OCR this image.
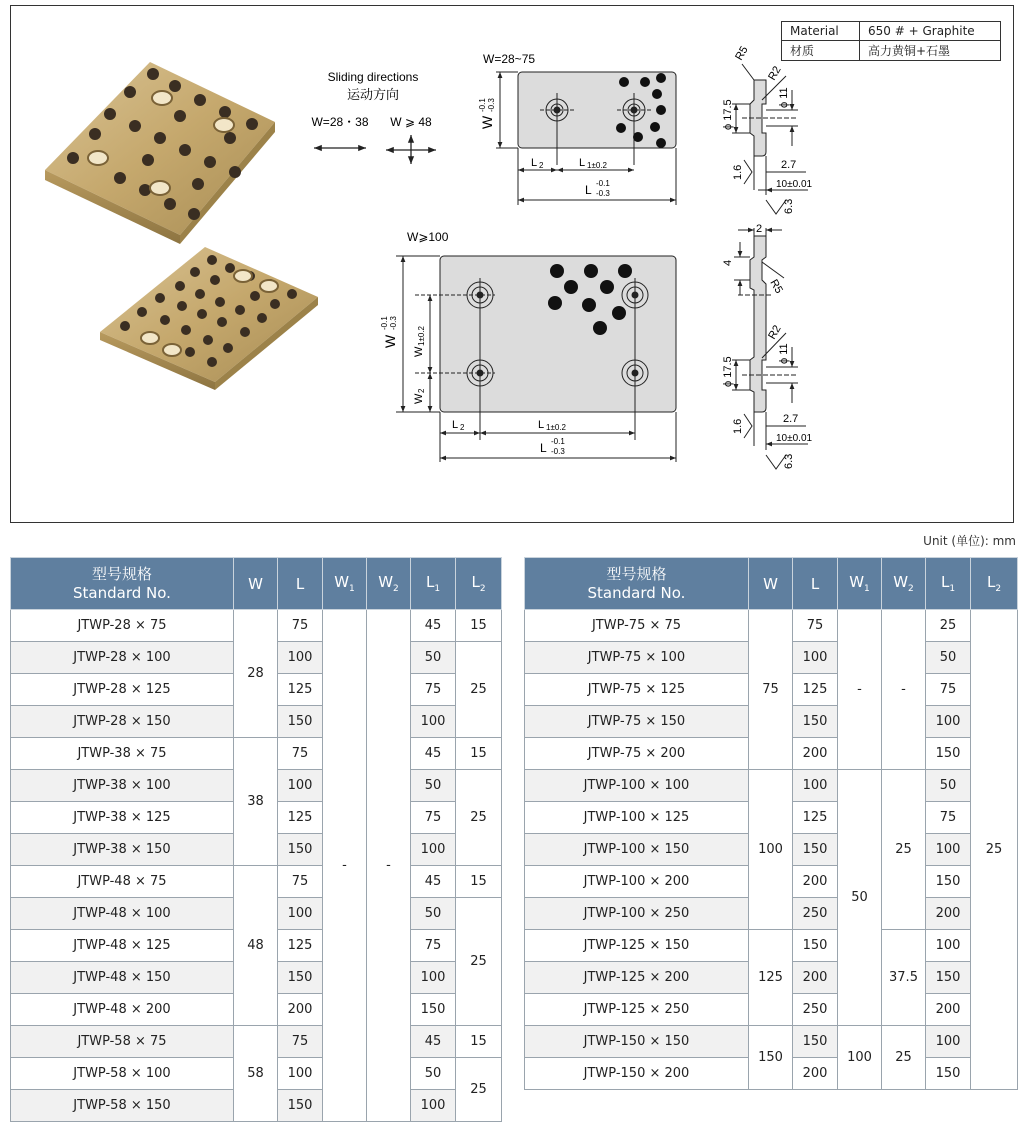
Material	650 # + Graphite
材质	高力黄铜+石墨
Sliding directions
运动方向
W=28・38 W ⩾ 48
W=28~75
W
-0.1 -0.3
L 2	L 1±0.2
L -0.1
-0.3
W⩾100
W
-0.1 -0.3
W
1±0.2
W
2
L 2	L 1±0.2
L -0.1
-0.3
R5
R2
ϕ 17.5
ϕ 11
2.7
10±0.01
1.6
6.3
2
4
R5
R2
ϕ 17.5
ϕ 11
2.7
10±0.01
1.6
6.3
Unit (单位): mm
型号规格
Standard No.	W	L	$W_1$	$W_2$	$L_1$	$L_2$
JTWP-28 × 75	28	75	-	-	45	15
JTWP-28 × 100		100			50	25
JTWP-28 × 125		125			75	
JTWP-28 × 150		150			100	
JTWP-38 × 75	38	75			45	15
JTWP-38 × 100		100			50	25
JTWP-38 × 125		125			75	
JTWP-38 × 150		150			100	
JTWP-48 × 75	48	75			45	15
JTWP-48 × 100		100			50	25
JTWP-48 × 125		125			75	
JTWP-48 × 150		150			100	
JTWP-48 × 200		200			150	
JTWP-58 × 75	58	75			45	15
JTWP-58 × 100		100			50	25
JTWP-58 × 150		150			100	
型号规格
Standard No.	W	L	$W_1$	$W_2$	$L_1$	$L_2$
JTWP-75 × 75	75	75	-	-	25	25
JTWP-75 × 100		100			50	
JTWP-75 × 125		125			75	
JTWP-75 × 150		150			100	
JTWP-75 × 200		200			150	
JTWP-100 × 100	100	100	50	25	50	
JTWP-100 × 125		125			75	
JTWP-100 × 150		150			100	
JTWP-100 × 200		200			150	
JTWP-100 × 250		250			200	
JTWP-125 × 150	125	150		37.5	100	
JTWP-125 × 200		200			150	
JTWP-125 × 250		250			200	
JTWP-150 × 150	150	150	100	25	100	
JTWP-150 × 200		200			150	
